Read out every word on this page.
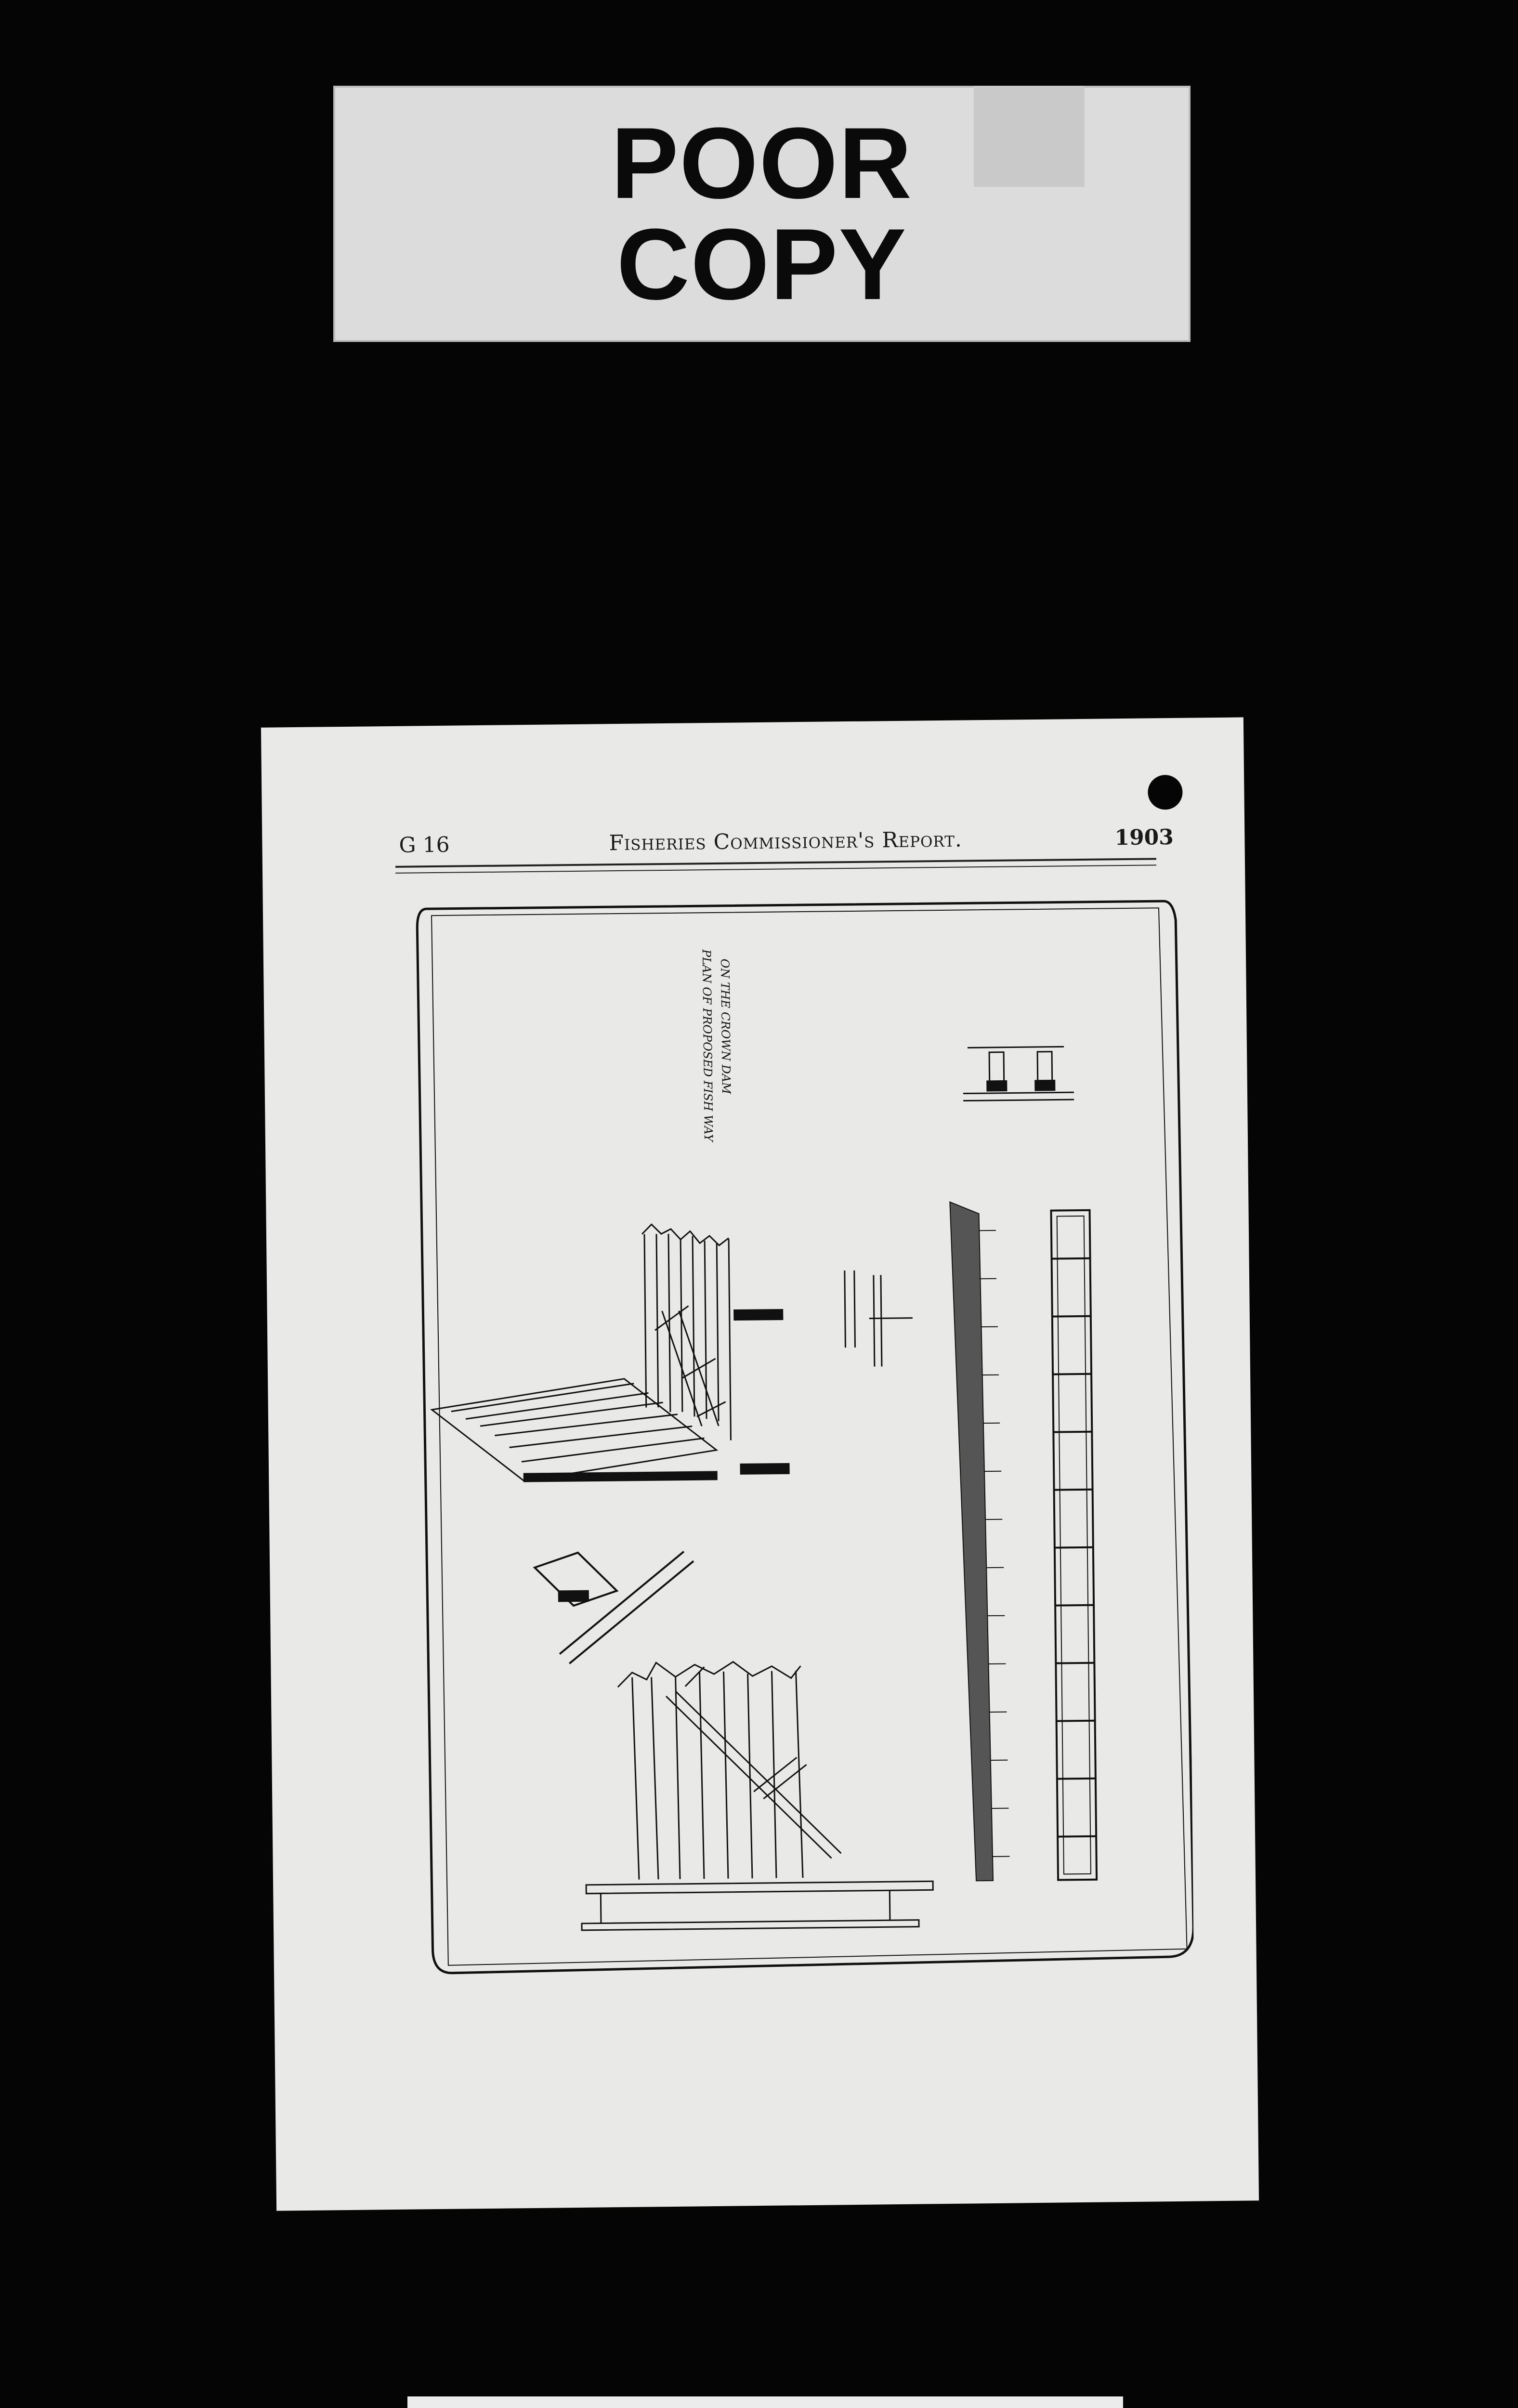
POOR
COPY
G 16	Fisheries Commissioner's Report.	1903
PLAN OF PROPOSED FISH WAY ON THE CROWN DAM
